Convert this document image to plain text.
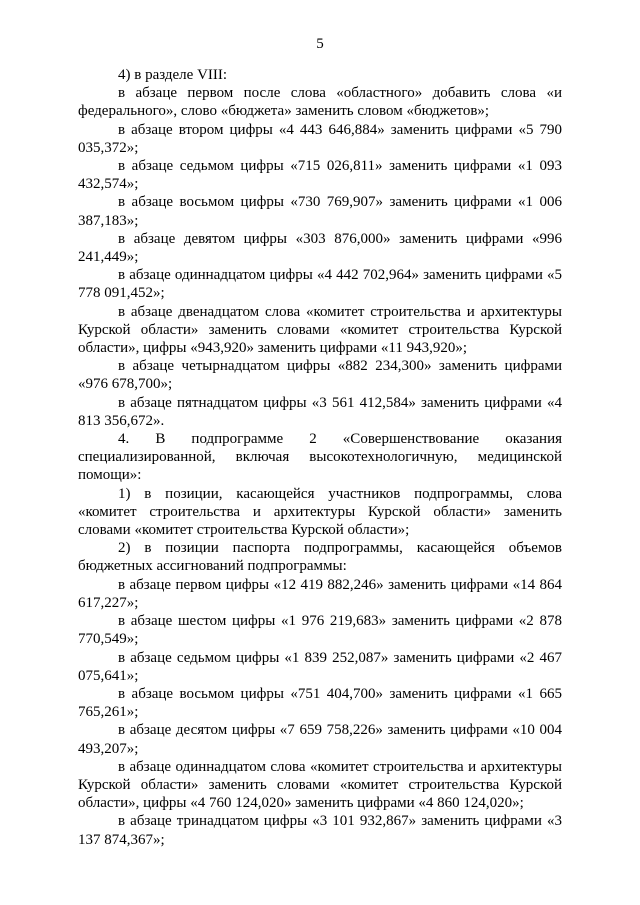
5

4) в разделе VIII:

в абзаце первом после слова «областного» добавить слова «и федерального», слово «бюджета» заменить словом «бюджетов»;

в абзаце втором цифры «4 443 646,884» заменить цифрами «5 790 035,372»;

в абзаце седьмом цифры «715 026,811» заменить цифрами «1 093 432,574»;

в абзаце восьмом цифры «730 769,907» заменить цифрами «1 006 387,183»;

в абзаце девятом цифры «303 876,000» заменить цифрами «996 241,449»;

в абзаце одиннадцатом цифры «4 442 702,964» заменить цифрами «5 778 091,452»;

в абзаце двенадцатом слова «комитет строительства и архитектуры Курской области» заменить словами «комитет строительства Курской области», цифры «943,920» заменить цифрами «11 943,920»;

в абзаце четырнадцатом цифры «882 234,300» заменить цифрами «976 678,700»;

в абзаце пятнадцатом цифры «3 561 412,584» заменить цифрами «4 813 356,672».

4. В подпрограмме 2 «Совершенствование оказания специализированной, включая высокотехнологичную, медицинской помощи»:

1) в позиции, касающейся участников подпрограммы, слова «комитет строительства и архитектуры Курской области» заменить словами «комитет строительства Курской области»;

2) в позиции паспорта подпрограммы, касающейся объемов бюджетных ассигнований подпрограммы:

в абзаце первом цифры «12 419 882,246» заменить цифрами «14 864 617,227»;

в абзаце шестом цифры «1 976 219,683» заменить цифрами «2 878 770,549»;

в абзаце седьмом цифры «1 839 252,087» заменить цифрами «2 467 075,641»;

в абзаце восьмом цифры «751 404,700» заменить цифрами «1 665 765,261»;

в абзаце десятом цифры «7 659 758,226» заменить цифрами «10 004 493,207»;

в абзаце одиннадцатом слова «комитет строительства и архитектуры Курской области» заменить словами «комитет строительства Курской области», цифры «4 760 124,020» заменить цифрами «4 860 124,020»;

в абзаце тринадцатом цифры «3 101 932,867» заменить цифрами «3 137 874,367»;
